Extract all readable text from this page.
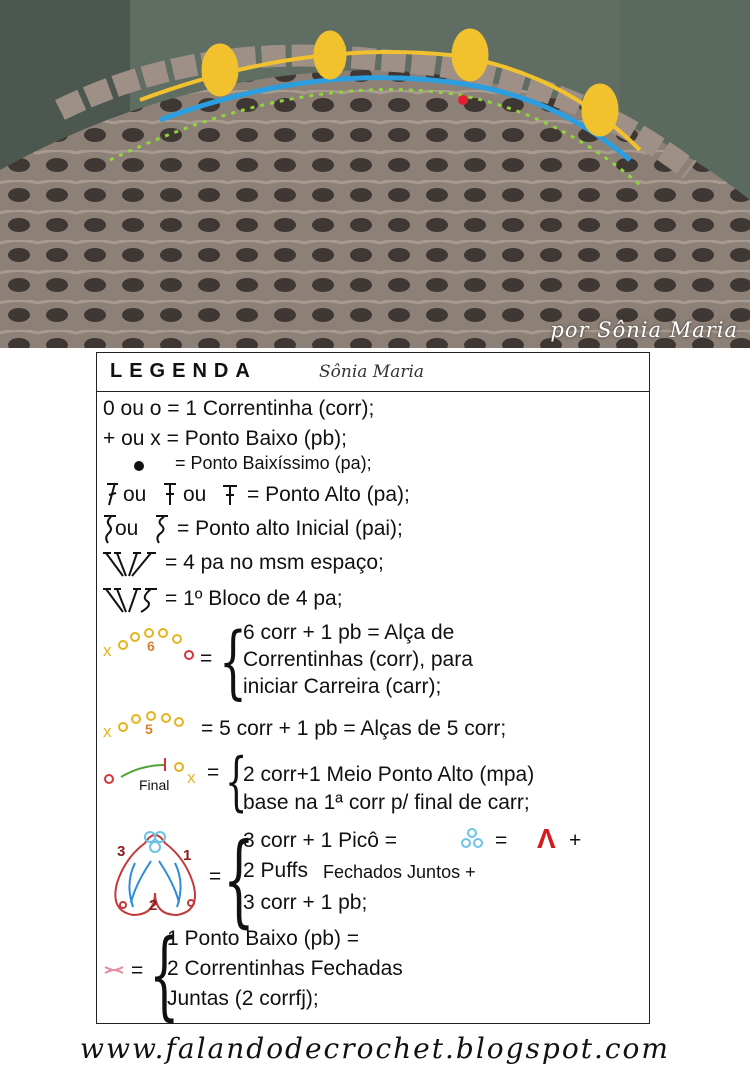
por Sônia Maria
LEGENDA	Sônia Maria
0 ou o = 1 Correntinha (corr);
+ ou x = Ponto Baixo (pb);
= Ponto Baixíssimo (pa);
ou ou = Ponto Alto (pa);
ou = Ponto alto Inicial (pai);
= 4 pa no msm espaço;
= 1º Bloco de 4 pa;
x	6
= {
6 corr + 1 pb = Alça de
Correntinhas (corr), para
iniciar Carreira (carr);
x 5 = 5 corr + 1 pb = Alças de 5 corr;
x
Final
= {
2 corr+1 Meio Ponto Alto (mpa)
base na 1ª corr p/ final de carr;
3	1
2
= {
3 corr + 1 Picô =	= Λ +
2 Puffs Fechados Juntos +
3 corr + 1 pb;
= {
1 Ponto Baixo (pb) =
2 Correntinhas Fechadas
Juntas (2 corrfj);
www.falandodecrochet.blogspot.com
